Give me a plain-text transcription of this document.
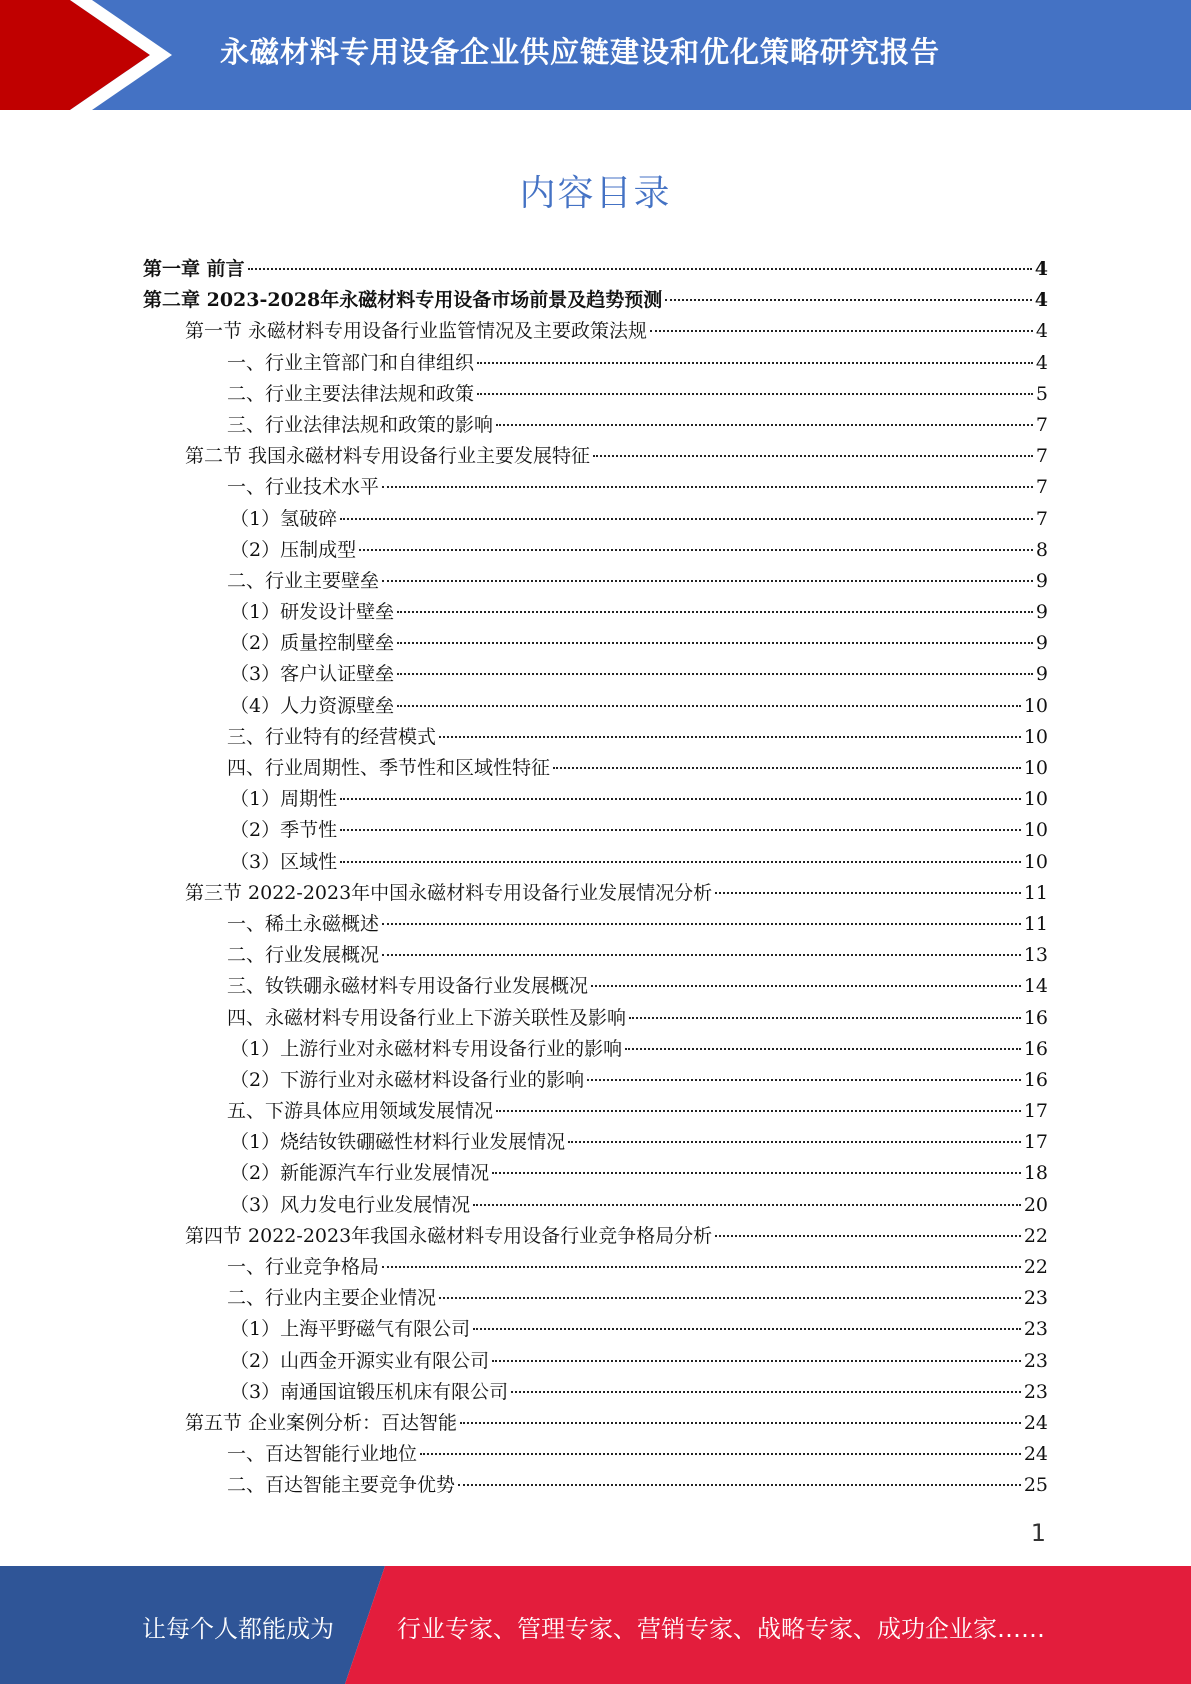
永磁材料专用设备企业供应链建设和优化策略研究报告
内容目录
第一章 前言	4
第二章 2023-2028年永磁材料专用设备市场前景及趋势预测	4
第一节 永磁材料专用设备行业监管情况及主要政策法规	4
一、行业主管部门和自律组织	4
二、行业主要法律法规和政策	5
三、行业法律法规和政策的影响	7
第二节 我国永磁材料专用设备行业主要发展特征	7
一、行业技术水平	7
（1）氢破碎	7
（2）压制成型	8
二、行业主要壁垒	9
（1）研发设计壁垒	9
（2）质量控制壁垒	9
（3）客户认证壁垒	9
（4）人力资源壁垒	10
三、行业特有的经营模式	10
四、行业周期性、季节性和区域性特征	10
（1）周期性	10
（2）季节性	10
（3）区域性	10
第三节 2022-2023年中国永磁材料专用设备行业发展情况分析	11
一、稀土永磁概述	11
二、行业发展概况	13
三、钕铁硼永磁材料专用设备行业发展概况	14
四、永磁材料专用设备行业上下游关联性及影响	16
（1）上游行业对永磁材料专用设备行业的影响	16
（2）下游行业对永磁材料设备行业的影响	16
五、下游具体应用领域发展情况	17
（1）烧结钕铁硼磁性材料行业发展情况	17
（2）新能源汽车行业发展情况	18
（3）风力发电行业发展情况	20
第四节 2022-2023年我国永磁材料专用设备行业竞争格局分析	22
一、行业竞争格局	22
二、行业内主要企业情况	23
（1）上海平野磁气有限公司	23
（2）山西金开源实业有限公司	23
（3）南通国谊锻压机床有限公司	23
第五节 企业案例分析：百达智能	24
一、百达智能行业地位	24
二、百达智能主要竞争优势	25
1
让每个人都能成为	行业专家、管理专家、营销专家、战略专家、成功企业家……
